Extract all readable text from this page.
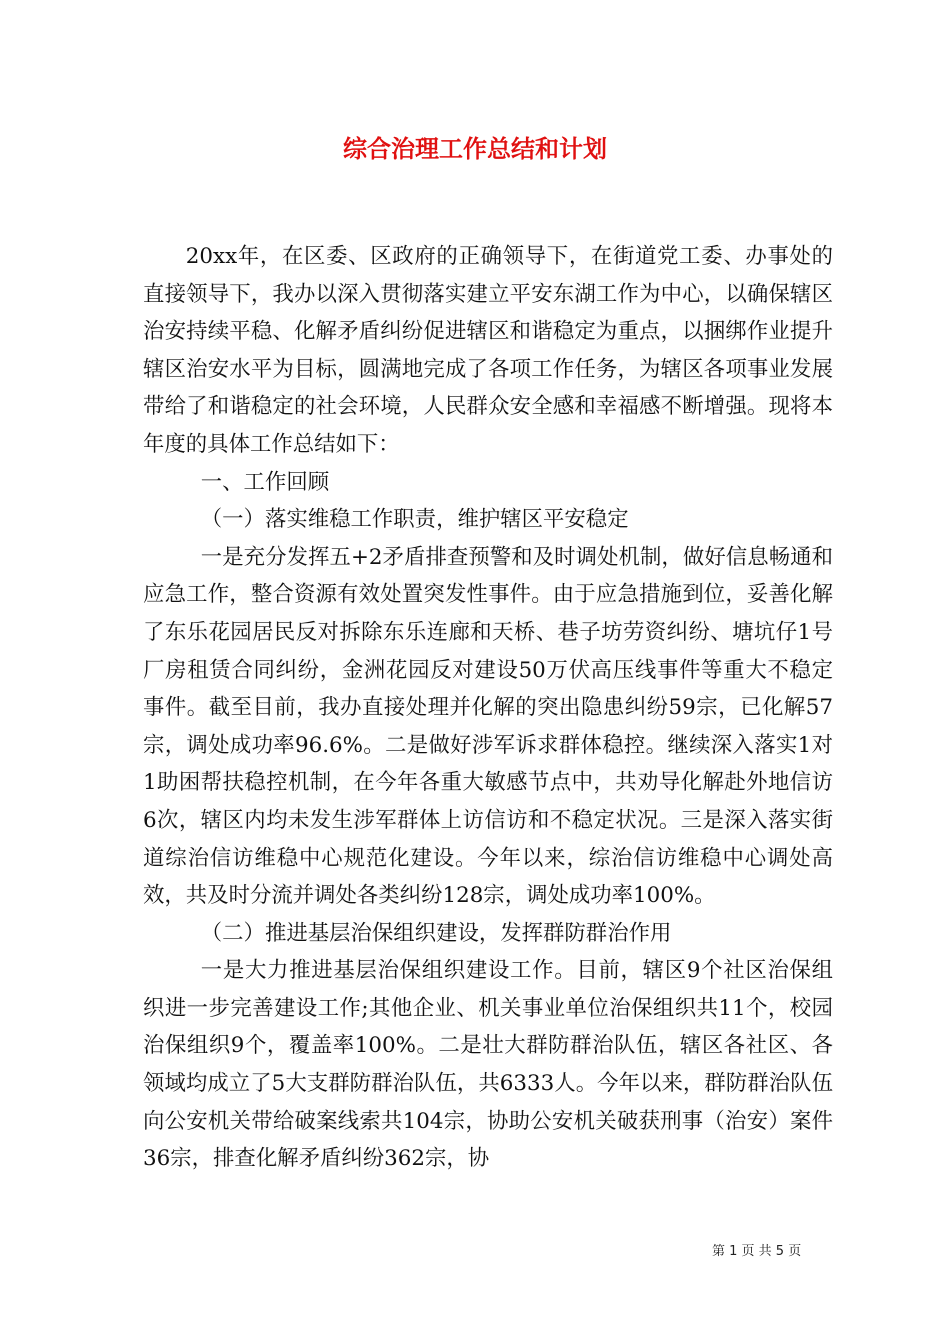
综合治理工作总结和计划

20xx年，在区委、区政府的正确领导下，在街道党工委、办事处的直接领导下，我办以深入贯彻落实建立平安东湖工作为中心，以确保辖区治安持续平稳、化解矛盾纠纷促进辖区和谐稳定为重点，以捆绑作业提升辖区治安水平为目标，圆满地完成了各项工作任务，为辖区各项事业发展带给了和谐稳定的社会环境，人民群众安全感和幸福感不断增强。现将本年度的具体工作总结如下：

一、工作回顾

（一）落实维稳工作职责，维护辖区平安稳定

一是充分发挥五+2矛盾排查预警和及时调处机制，做好信息畅通和应急工作，整合资源有效处置突发性事件。由于应急措施到位，妥善化解了东乐花园居民反对拆除东乐连廊和天桥、巷子坊劳资纠纷、塘坑仔1号厂房租赁合同纠纷，金洲花园反对建设50万伏高压线事件等重大不稳定事件。截至目前，我办直接处理并化解的突出隐患纠纷59宗，已化解57宗，调处成功率96.6%。二是做好涉军诉求群体稳控。继续深入落实1对1助困帮扶稳控机制，在今年各重大敏感节点中，共劝导化解赴外地信访6次，辖区内均未发生涉军群体上访信访和不稳定状况。三是深入落实街道综治信访维稳中心规范化建设。今年以来，综治信访维稳中心调处高效，共及时分流并调处各类纠纷128宗，调处成功率100%。

（二）推进基层治保组织建设，发挥群防群治作用

一是大力推进基层治保组织建设工作。目前，辖区9个社区治保组织进一步完善建设工作;其他企业、机关事业单位治保组织共11个，校园治保组织9个，覆盖率100%。二是壮大群防群治队伍，辖区各社区、各领域均成立了5大支群防群治队伍，共6333人。今年以来，群防群治队伍向公安机关带给破案线索共104宗，协助公安机关破获刑事（治安）案件36宗，排查化解矛盾纠纷362宗，协

第 1 页 共 5 页
